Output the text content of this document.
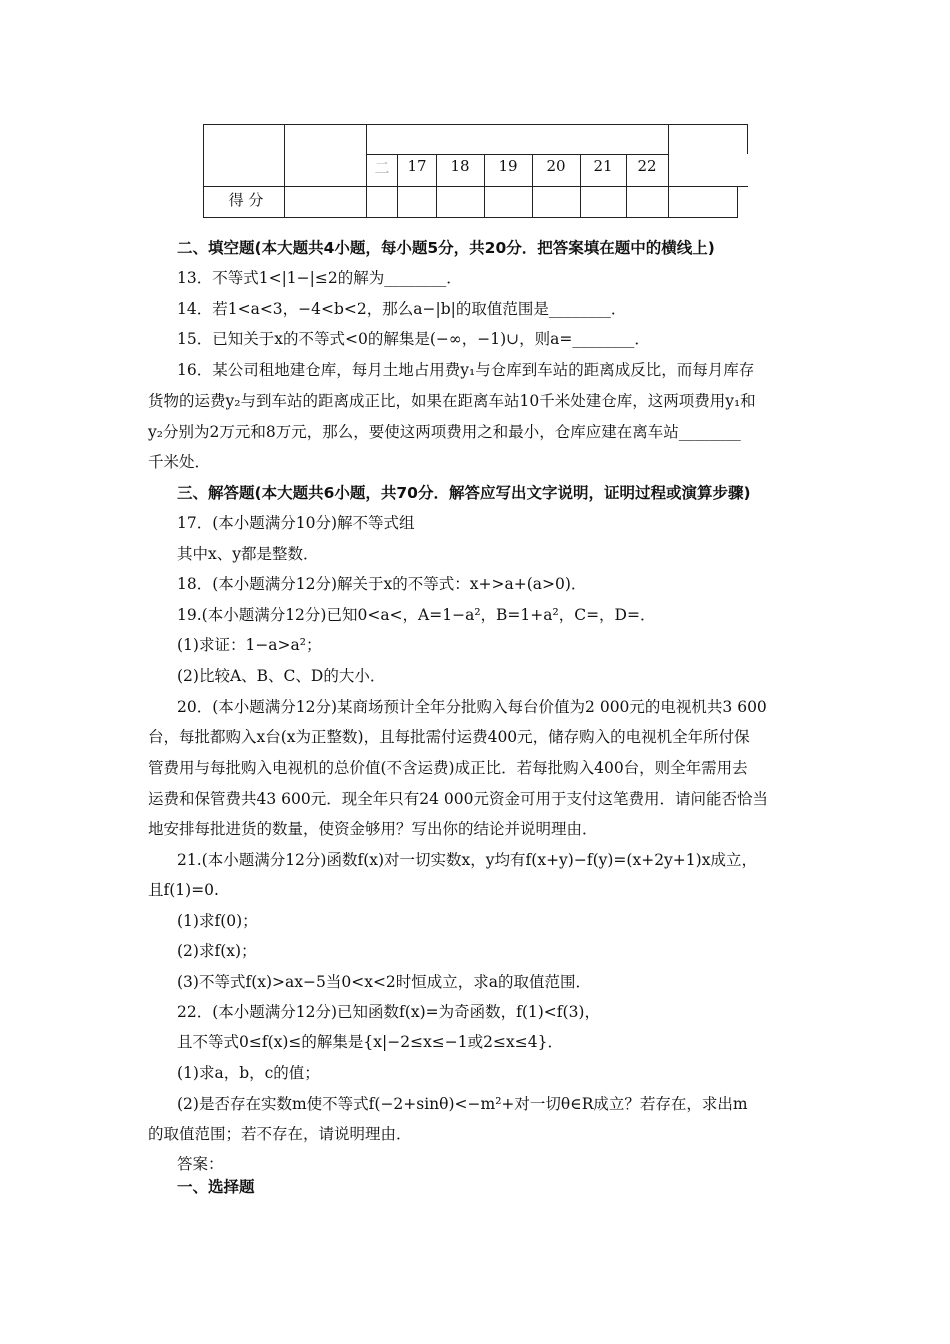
二	17	18	19	20	21	22
得 分
二、填空题(本大题共4小题，每小题5分，共20分．把答案填在题中的横线上)
13．不等式1<|1−|≤2的解为________．
14．若1<a<3，−4<b<2，那么a−|b|的取值范围是________．
15．已知关于x的不等式<0的解集是(−∞，−1)∪，则a=________．
16．某公司租地建仓库，每月土地占用费y₁与仓库到车站的距离成反比，而每月库存
货物的运费y₂与到车站的距离成正比，如果在距离车站10千米处建仓库，这两项费用y₁和
y₂分别为2万元和8万元，那么，要使这两项费用之和最小，仓库应建在离车站________
千米处．
三、解答题(本大题共6小题，共70分．解答应写出文字说明，证明过程或演算步骤)
17．(本小题满分10分)解不等式组
其中x、y都是整数．
18．(本小题满分12分)解关于x的不等式：x+>a+(a>0)．
19.(本小题满分12分)已知0<a<，A=1−a²，B=1+a²，C=，D=．
(1)求证：1−a>a²；
(2)比较A、B、C、D的大小．
20．(本小题满分12分)某商场预计全年分批购入每台价值为2 000元的电视机共3 600
台，每批都购入x台(x为正整数)，且每批需付运费400元，储存购入的电视机全年所付保
管费用与每批购入电视机的总价值(不含运费)成正比．若每批购入400台，则全年需用去
运费和保管费共43 600元．现全年只有24 000元资金可用于支付这笔费用．请问能否恰当
地安排每批进货的数量，使资金够用？写出你的结论并说明理由．
21.(本小题满分12分)函数f(x)对一切实数x，y均有f(x+y)−f(y)=(x+2y+1)x成立，
且f(1)=0.
(1)求f(0)；
(2)求f(x)；
(3)不等式f(x)>ax−5当0<x<2时恒成立，求a的取值范围．
22．(本小题满分12分)已知函数f(x)=为奇函数，f(1)<f(3)，
且不等式0≤f(x)≤的解集是{x|−2≤x≤−1或2≤x≤4}．
(1)求a，b，c的值；
(2)是否存在实数m使不等式f(−2+sinθ)<−m²+对一切θ∈R成立？若存在，求出m
的取值范围；若不存在，请说明理由．
答案：
一、选择题
